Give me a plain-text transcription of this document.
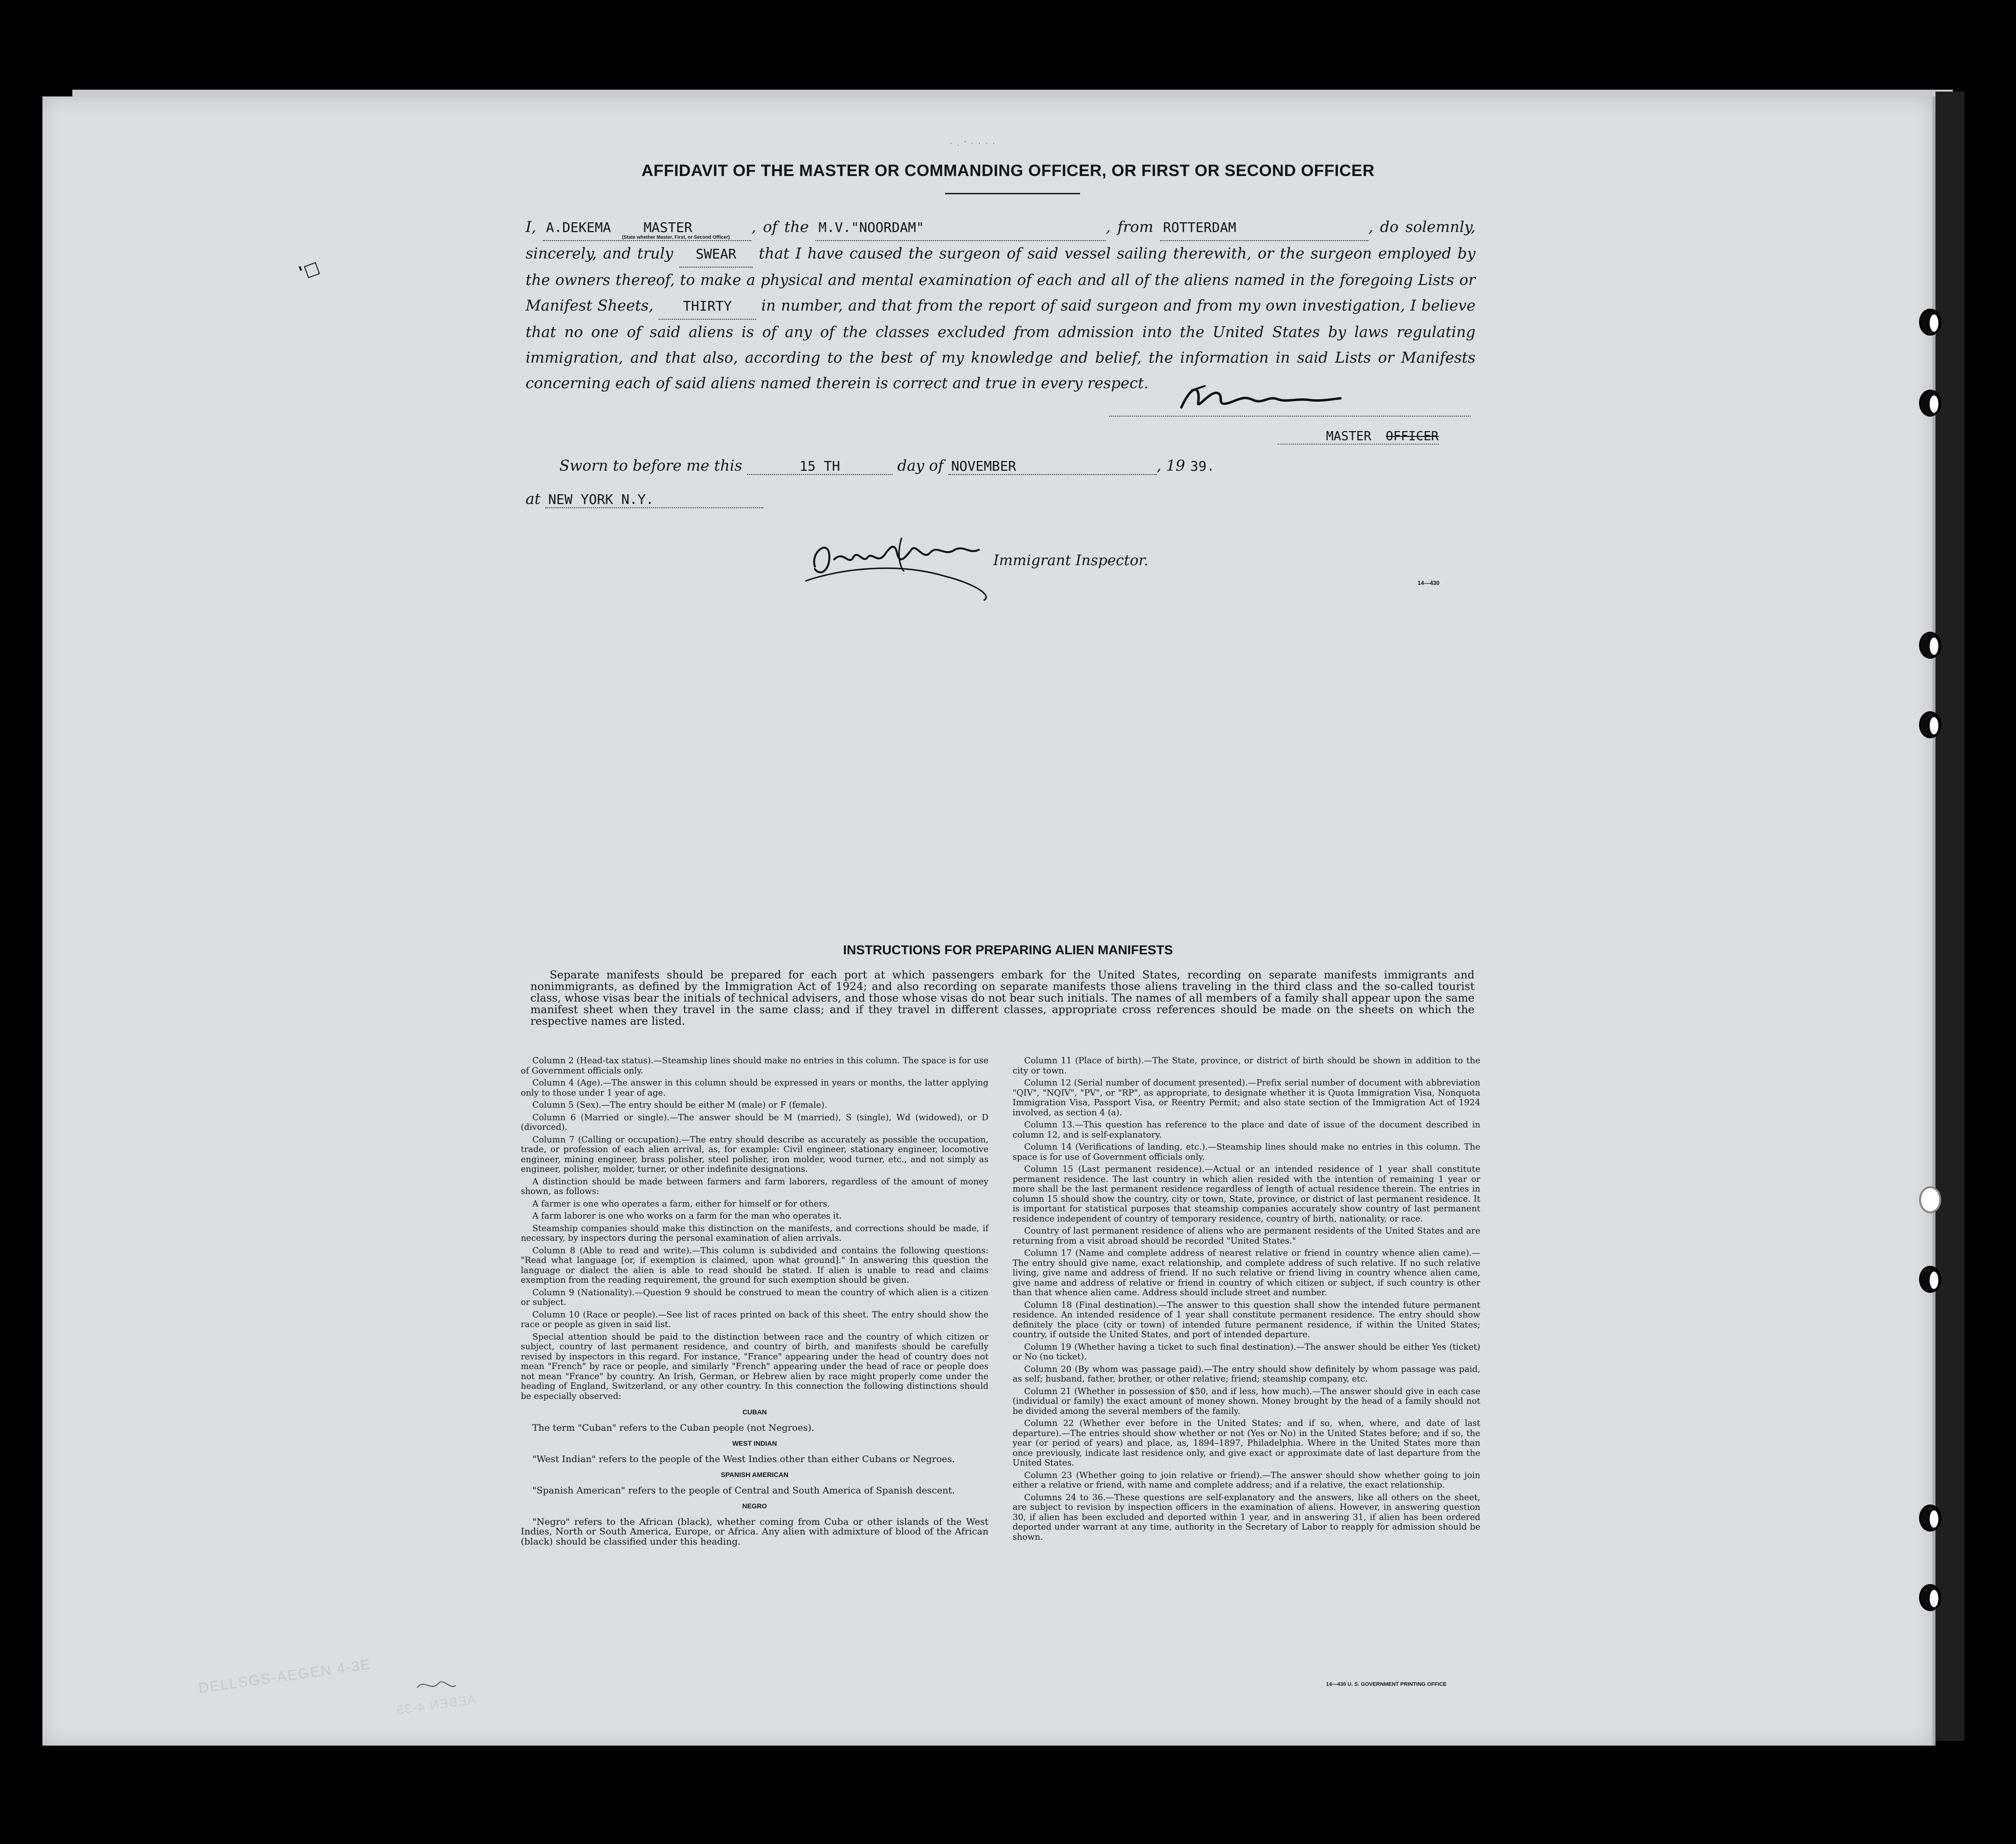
· . ' · · · ·
'□
AFFIDAVIT OF THE MASTER OR COMMANDING OFFICER, OR FIRST OR SECOND OFFICER
I, A.DEKEMA MASTER	, of the M.V."NOORDAM"	, from ROTTERDAM	, do solemnly, sincerely, and truly SWEAR that I have caused the surgeon of said vessel sailing therewith, or the surgeon employed by the owners thereof, to make a physical and mental examination of each and all of the aliens named in the foregoing Lists or Manifest Sheets, THIRTY in number, and that from the report of said surgeon and from my own investigation, I believe that no one of said aliens is of any of the classes excluded from admission into the United States by laws regulating immigration, and that also, according to the best of my knowledge and belief, the information in said Lists or Manifests concerning each of said aliens named therein is correct and true in every respect.
(State whether Master, First, or Second Officer)
MASTER OFFICER
Sworn to before me this	15 TH	day of NOVEMBER	, 19 39.
at NEW YORK N.Y.
Immigrant Inspector.
14—430
INSTRUCTIONS FOR PREPARING ALIEN MANIFESTS
Separate manifests should be prepared for each port at which passengers embark for the United States, recording on separate manifests immigrants and nonimmigrants, as defined by the Immigration Act of 1924; and also recording on separate manifests those aliens traveling in the third class and the so-called tourist class, whose visas bear the initials of technical advisers, and those whose visas do not bear such initials. The names of all members of a family shall appear upon the same manifest sheet when they travel in the same class; and if they travel in different classes, appropriate cross references should be made on the sheets on which the respective names are listed.

Column 2 (Head-tax status).—Steamship lines should make no entries in this column. The space is for use of Government officials only.

Column 4 (Age).—The answer in this column should be expressed in years or months, the latter applying only to those under 1 year of age.

Column 5 (Sex).—The entry should be either M (male) or F (female).

Column 6 (Married or single).—The answer should be M (married), S (single), Wd (widowed), or D (divorced).

Column 7 (Calling or occupation).—The entry should describe as accurately as possible the occupation, trade, or profession of each alien arrival, as, for example: Civil engineer, stationary engineer, locomotive engineer, mining engineer, brass polisher, steel polisher, iron molder, wood turner, etc., and not simply as engineer, polisher, molder, turner, or other indefinite designations.

A distinction should be made between farmers and farm laborers, regardless of the amount of money shown, as follows:

A farmer is one who operates a farm, either for himself or for others.

A farm laborer is one who works on a farm for the man who operates it.

Steamship companies should make this distinction on the manifests, and corrections should be made, if necessary, by inspectors during the personal examination of alien arrivals.

Column 8 (Able to read and write).—This column is subdivided and contains the following questions: "Read what language [or, if exemption is claimed, upon what ground]." In answering this question the language or dialect the alien is able to read should be stated. If alien is unable to read and claims exemption from the reading requirement, the ground for such exemption should be given.

Column 9 (Nationality).—Question 9 should be construed to mean the country of which alien is a citizen or subject.

Column 10 (Race or people).—See list of races printed on back of this sheet. The entry should show the race or people as given in said list.

Special attention should be paid to the distinction between race and the country of which citizen or subject, country of last permanent residence, and country of birth, and manifests should be carefully revised by inspectors in this regard. For instance, "France" appearing under the head of country does not mean "French" by race or people, and similarly "French" appearing under the head of race or people does not mean "France" by country. An Irish, German, or Hebrew alien by race might properly come under the heading of England, Switzerland, or any other country. In this connection the following distinctions should be especially observed:

CUBAN

The term "Cuban" refers to the Cuban people (not Negroes).

WEST INDIAN

"West Indian" refers to the people of the West Indies other than either Cubans or Negroes.

SPANISH AMERICAN

"Spanish American" refers to the people of Central and South America of Spanish descent.

NEGRO

"Negro" refers to the African (black), whether coming from Cuba or other islands of the West Indies, North or South America, Europe, or Africa. Any alien with admixture of blood of the African (black) should be classified under this heading.

Column 11 (Place of birth).—The State, province, or district of birth should be shown in addition to the city or town.

Column 12 (Serial number of document presented).—Prefix serial number of document with abbreviation "QIV", "NQIV", "PV", or "RP", as appropriate, to designate whether it is Quota Immigration Visa, Nonquota Immigration Visa, Passport Visa, or Reentry Permit; and also state section of the Immigration Act of 1924 involved, as section 4 (a).

Column 13.—This question has reference to the place and date of issue of the document described in column 12, and is self-explanatory.

Column 14 (Verifications of landing, etc.).—Steamship lines should make no entries in this column. The space is for use of Government officials only.

Column 15 (Last permanent residence).—Actual or an intended residence of 1 year shall constitute permanent residence. The last country in which alien resided with the intention of remaining 1 year or more shall be the last permanent residence regardless of length of actual residence therein. The entries in column 15 should show the country, city or town, State, province, or district of last permanent residence. It is important for statistical purposes that steamship companies accurately show country of last permanent residence independent of country of temporary residence, country of birth, nationality, or race.

Country of last permanent residence of aliens who are permanent residents of the United States and are returning from a visit abroad should be recorded "United States."

Column 17 (Name and complete address of nearest relative or friend in country whence alien came).—The entry should give name, exact relationship, and complete address of such relative. If no such relative living, give name and address of friend. If no such relative or friend living in country whence alien came, give name and address of relative or friend in country of which citizen or subject, if such country is other than that whence alien came. Address should include street and number.

Column 18 (Final destination).—The answer to this question shall show the intended future permanent residence. An intended residence of 1 year shall constitute permanent residence. The entry should show definitely the place (city or town) of intended future permanent residence, if within the United States; country, if outside the United States, and port of intended departure.

Column 19 (Whether having a ticket to such final destination).—The answer should be either Yes (ticket) or No (no ticket).

Column 20 (By whom was passage paid).—The entry should show definitely by whom passage was paid, as self; husband, father, brother, or other relative; friend; steamship company, etc.

Column 21 (Whether in possession of $50, and if less, how much).—The answer should give in each case (individual or family) the exact amount of money shown. Money brought by the head of a family should not be divided among the several members of the family.

Column 22 (Whether ever before in the United States; and if so, when, where, and date of last departure).—The entries should show whether or not (Yes or No) in the United States before; and if so, the year (or period of years) and place, as, 1894–1897, Philadelphia. Where in the United States more than once previously, indicate last residence only, and give exact or approximate date of last departure from the United States.

Column 23 (Whether going to join relative or friend).—The answer should show whether going to join either a relative or friend, with name and complete address; and if a relative, the exact relationship.

Columns 24 to 36.—These questions are self-explanatory and the answers, like all others on the sheet, are subject to revision by inspection officers in the examination of aliens. However, in answering question 30, if alien has been excluded and deported within 1 year, and in answering 31, if alien has been ordered deported under warrant at any time, authority in the Secretary of Labor to reapply for admission should be shown.

14—430 U. S. GOVERNMENT PRINTING OFFICE
DELLSGS-AEGEN 4-3E
AEBEN 4-35
